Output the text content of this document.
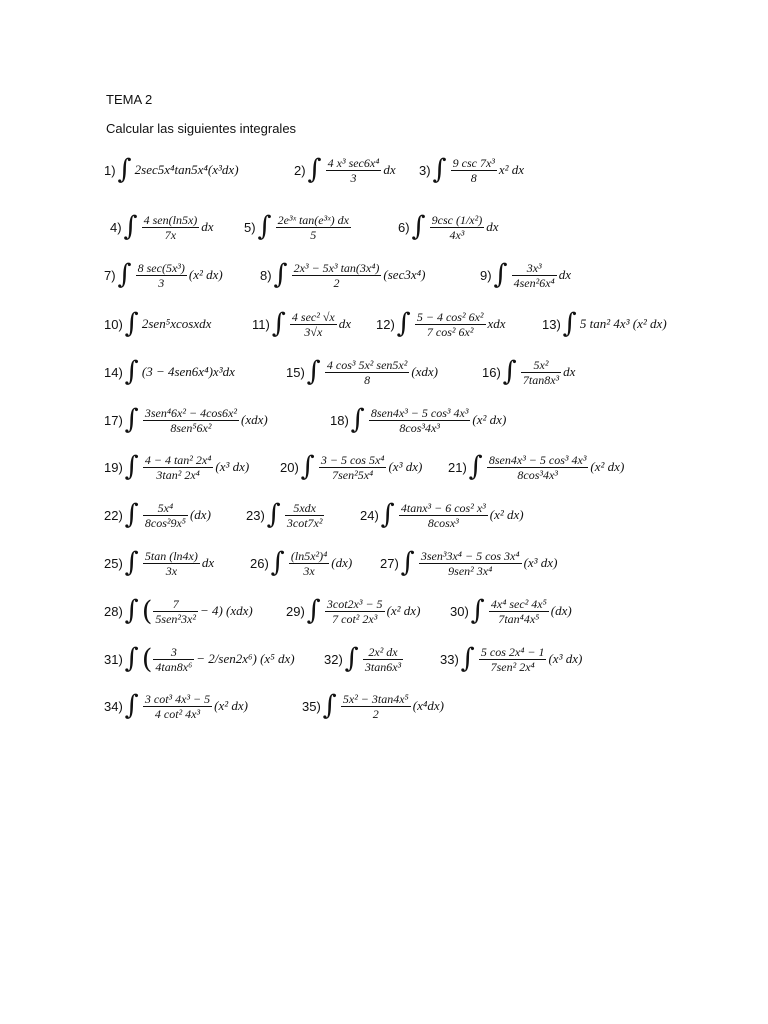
TEMA 2
Calcular las siguientes integrales
1) ∫ 2sec5x⁴tan5x⁴(x³dx)	2) ∫ $\frac{\text{4 x³ sec6x⁴}}{3}$ dx 3) ∫ $\frac{\text{9 csc 7x³}}{8} x^2$ dx
4) ∫ $\frac{\text{4 sen(ln5x)}}{7x}$ dx 5) ∫ $\frac{\text{2e³ˣ tan(e³ˣ) dx}}{5}$	6) ∫ $\frac{\text{9csc (1/x²)}}{\text{4x³}}$ dx
7) ∫ $\frac{\text{8 sec(5x³)}}{3} (x^2$ dx)	8) ∫ $\frac{\text{2x³ − 5x³ tan(3x⁴)}}{2} (\sec 3x^4)$	9) ∫ $\frac{\text{3x³}}{\text{4sen²6x⁴}}$ dx
10) ∫ 2sen⁵xcosxdx	11) ∫ $\frac{\text{4 sec² √x}}{3√x}$ dx 12) ∫ $\frac{\text{5 − 4 cos² 6x²}}{\text{7 cos² 6x²}}$ xdx	13) ∫ 5 tan² 4x³ (x² dx)
14) ∫ (3 − 4sen6x⁴)x³dx	15) ∫ $\frac{\text{4 cos³ 5x² sen5x²}}{8} (xdx)$	16) ∫ $\frac{\text{5x²}}{\text{7tan8x³}}$ dx
17) ∫ $\frac{\text{3sen⁴6x² − 4cos6x²}}{\text{8sen⁵6x²}} (xdx)$	18) ∫ $\frac{\text{8sen4x³ − 5 cos³ 4x³}}{\text{8cos³4x³}} (x^2$ dx)
19) ∫ $\frac{\text{4 − 4 tan² 2x⁴}}{\text{3tan² 2x⁴}} (x^3$ dx) 20) ∫ $\frac{\text{3 − 5 cos 5x⁴}}{\text{7sen²5x⁴}} (x^3$ dx) 21) ∫ $\frac{\text{8sen4x³ − 5 cos³ 4x³}}{\text{8cos³4x³}} (x^2$ dx)
22) ∫ $\frac{\text{5x⁴}}{\text{8cos²9x⁵}} (dx)$	23) ∫ $\frac{\text{5xdx}}{\text{3cot7x²}}$	24) ∫ $\frac{\text{4tanx³ − 6 cos² x³}}{\text{8cosx³}} (x^2$ dx)
25) ∫ $\frac{5\tan (\ln 4x)}{3x}$ dx	26) ∫ $\frac{\text{(ln5x²)⁴}}{3x} (dx)$ 27) ∫ $\frac{\text{3sen³3x⁴ − 5 cos 3x⁴}}{\text{9sen² 3x⁴}} (x^3$ dx)
28) ∫ ( $\frac{7}{\text{5sen²3x²}} - 4$) (xdx)	29) ∫ $\frac{\text{3cot2x³ − 5}}{\text{7 cot² 2x³}} (x^2$ dx) 30) ∫ $\frac{\text{4x⁴ sec² 4x⁵}}{\text{7tan⁴4x⁵}} (dx)$
31) ∫ ( $\frac{3}{\text{4tan8x⁶}} - 2/sen2x^6$) (x⁵ dx) 32) ∫ $\frac{\text{2x² dx}}{\text{3tan6x³}}$	33) ∫ $\frac{\text{5 cos 2x⁴ − 1}}{\text{7sen² 2x⁴}} (x^3$ dx)
34) ∫ $\frac{\text{3 cot³ 4x³ − 5}}{\text{4 cot² 4x³}} (x^2$ dx)	35) ∫ $\frac{\text{5x² − 3tan4x⁵}}{2} (x^4dx)$
